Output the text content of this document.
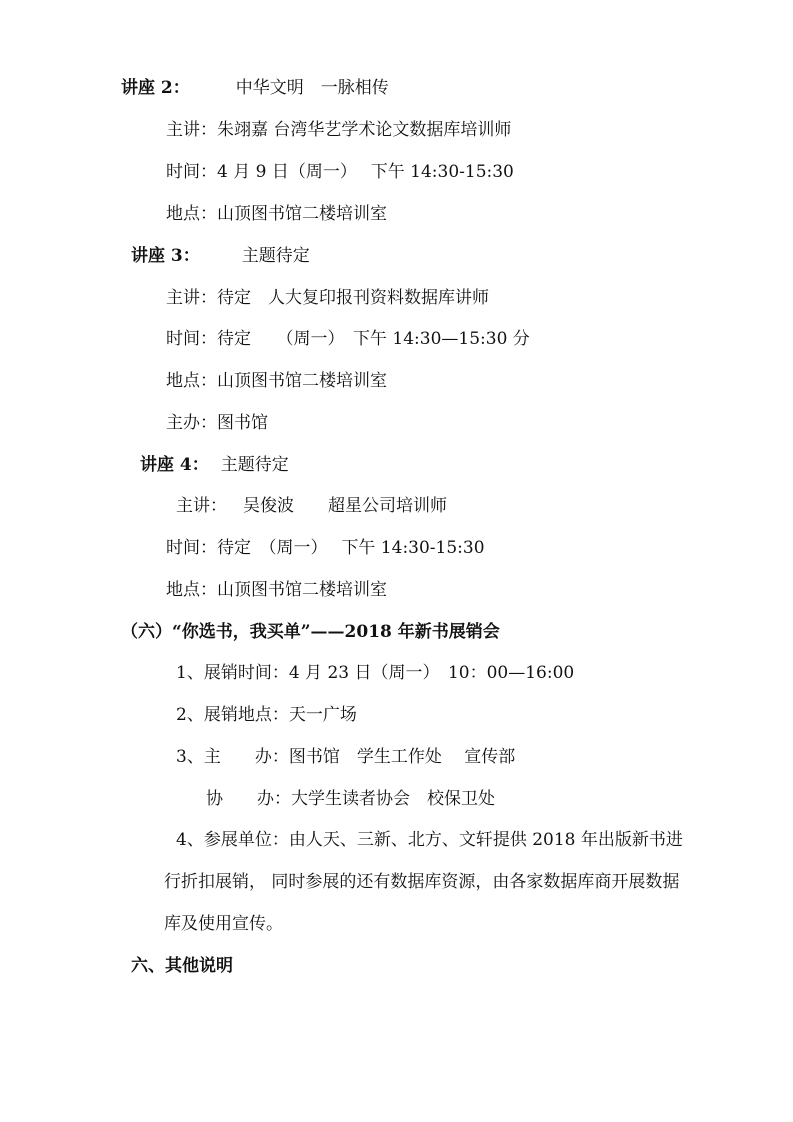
讲座 2：	中华文明　一脉相传
主讲：朱翊嘉 台湾华艺学术论文数据库培训师
时间：4 月 9 日（周一）　 下午 14:30-15:30
地点：山顶图书馆二楼培训室
讲座 3： 主题待定
主讲：待定　人大复印报刊资料数据库讲师
时间：待定　　（周一）　下午 14:30—15:30 分
地点：山顶图书馆二楼培训室
主办：图书馆
讲座 4： 主题待定
主讲： 吴俊波　　超星公司培训师
时间：待定　（周一）　 下午 14:30-15:30
地点：山顶图书馆二楼培训室
（六）“你选书，我买单”——2018 年新书展销会
1、展销时间：4 月 23 日（周一）　10：00—16:00
2、展销地点：天一广场
3、主　　办：图书馆　学生工作处　 宣传部
协　　办：大学生读者协会　校保卫处
4、参展单位：由人天、三新、北方、文轩提供 2018 年出版新书进
行折扣展销， 同时参展的还有数据库资源，由各家数据库商开展数据
库及使用宣传。
六、其他说明
